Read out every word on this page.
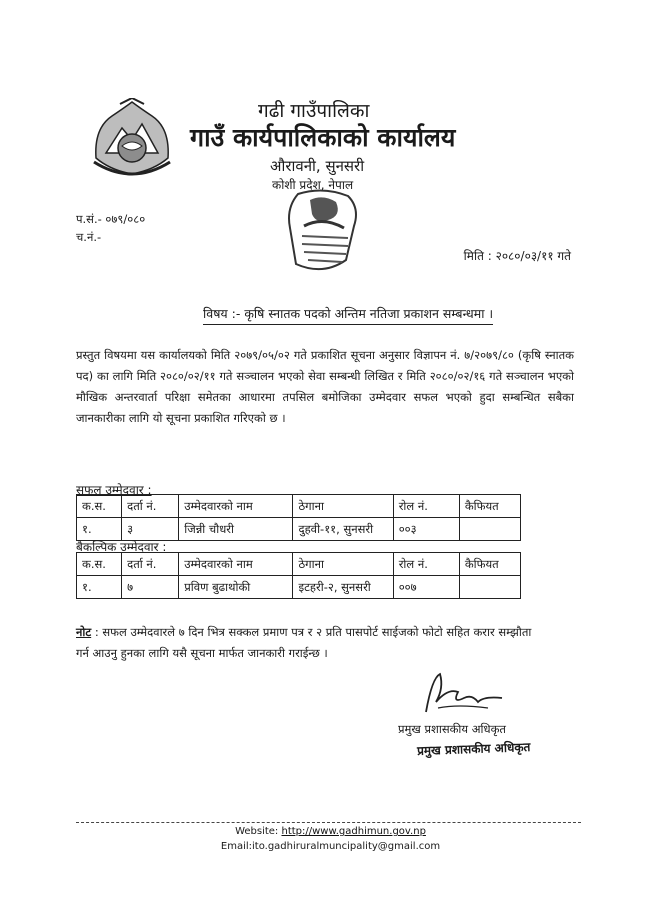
गढी गाउँपालिका
गाउँ कार्यपालिकाको कार्यालय
औरावनी, सुनसरी
कोशी प्रदेश, नेपाल
प.सं.- ०७९/०८०
च.नं.-
मिति : २०८०/०३/११ गते
विषय :- कृषि स्नातक पदको अन्तिम नतिजा प्रकाशन सम्बन्धमा ।
प्रस्तुत विषयमा यस कार्यालयको मिति २०७९/०५/०२ गते प्रकाशित सूचना अनुसार विज्ञापन नं. ७/२०७९/८० (कृषि स्नातक पद) का लागि मिति २०८०/०२/११ गते सञ्चालन भएको सेवा सम्बन्धी लिखित र मिति २०८०/०२/१६ गते सञ्चालन भएको मौखिक अन्तरवार्ता परिक्षा समेतका आधारमा तपसिल बमोजिका उम्मेदवार सफल भएको हुदा सम्बन्धित सबैका जानकारीका लागि यो सूचना प्रकाशित गरिएको छ ।
सफल उम्मेदवार :
क.स.	दर्ता नं.	उम्मेदवारको नाम	ठेगाना	रोल नं.	कैफियत
१.	३	जिन्नी चौधरी	दुहवी-११, सुनसरी	००३	
बैकल्पिक उम्मेदवार :
क.स.	दर्ता नं.	उम्मेदवारको नाम	ठेगाना	रोल नं.	कैफियत
१.	७	प्रविण बुढाथोकी	इटहरी-२, सुनसरी	००७	
नोट : सफल उम्मेदवारले ७ दिन भित्र सक्कल प्रमाण पत्र र २ प्रति पासपोर्ट साईजको फोटो सहित करार सम्झौता गर्न आउनु हुनका लागि यसै सूचना मार्फत जानकारी गराईन्छ ।
प्रमुख प्रशासकीय अधिकृत
प्रमुख प्रशासकीय अधिकृत
Website: http://www.gadhimun.gov.np
Email:ito.gadhiruralmuncipality@gmail.com
